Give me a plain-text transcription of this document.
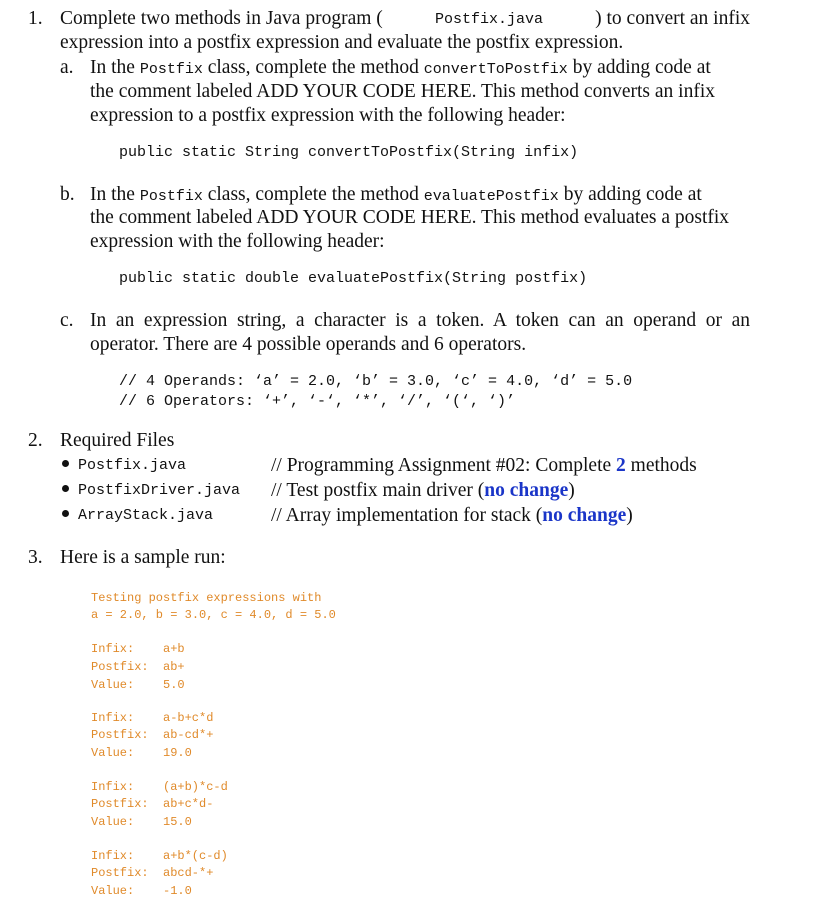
1. Complete two methods in Java program (	Postfix.java	) to convert an infix
expression into a postfix expression and evaluate the postfix expression.
a. In the Postfix class, complete the method convertToPostfix by adding code at
the comment labeled ADD YOUR CODE HERE. This method converts an infix
expression to a postfix expression with the following header:
public static String convertToPostfix(String infix)
b. In the Postfix class, complete the method evaluatePostfix by adding code at
the comment labeled ADD YOUR CODE HERE. This method evaluates a postfix
expression with the following header:
public static double evaluatePostfix(String postfix)
c. In an expression string, a character is a token. A token can an operand or an
operator. There are 4 possible operands and 6 operators.
// 4 Operands: ‘a’ = 2.0, ‘b’ = 3.0, ‘c’ = 4.0, ‘d’ = 5.0
// 6 Operators: ‘+’, ‘-‘, ‘*’, ‘/’, ‘(‘, ‘)’
2. Required Files
Postfix.java	// Programming Assignment #02: Complete 2 methods
PostfixDriver.java // Test postfix main driver (no change)
ArrayStack.java	// Array implementation for stack (no change)
3. Here is a sample run:
Testing postfix expressions with
a = 2.0, b = 3.0, c = 4.0, d = 5.0
Infix: a+b
Postfix: ab+
Value: 5.0
Infix: a-b+c*d
Postfix: ab-cd*+
Value: 19.0
Infix: (a+b)*c-d
Postfix: ab+c*d-
Value: 15.0
Infix: a+b*(c-d)
Postfix: abcd-*+
Value: -1.0
